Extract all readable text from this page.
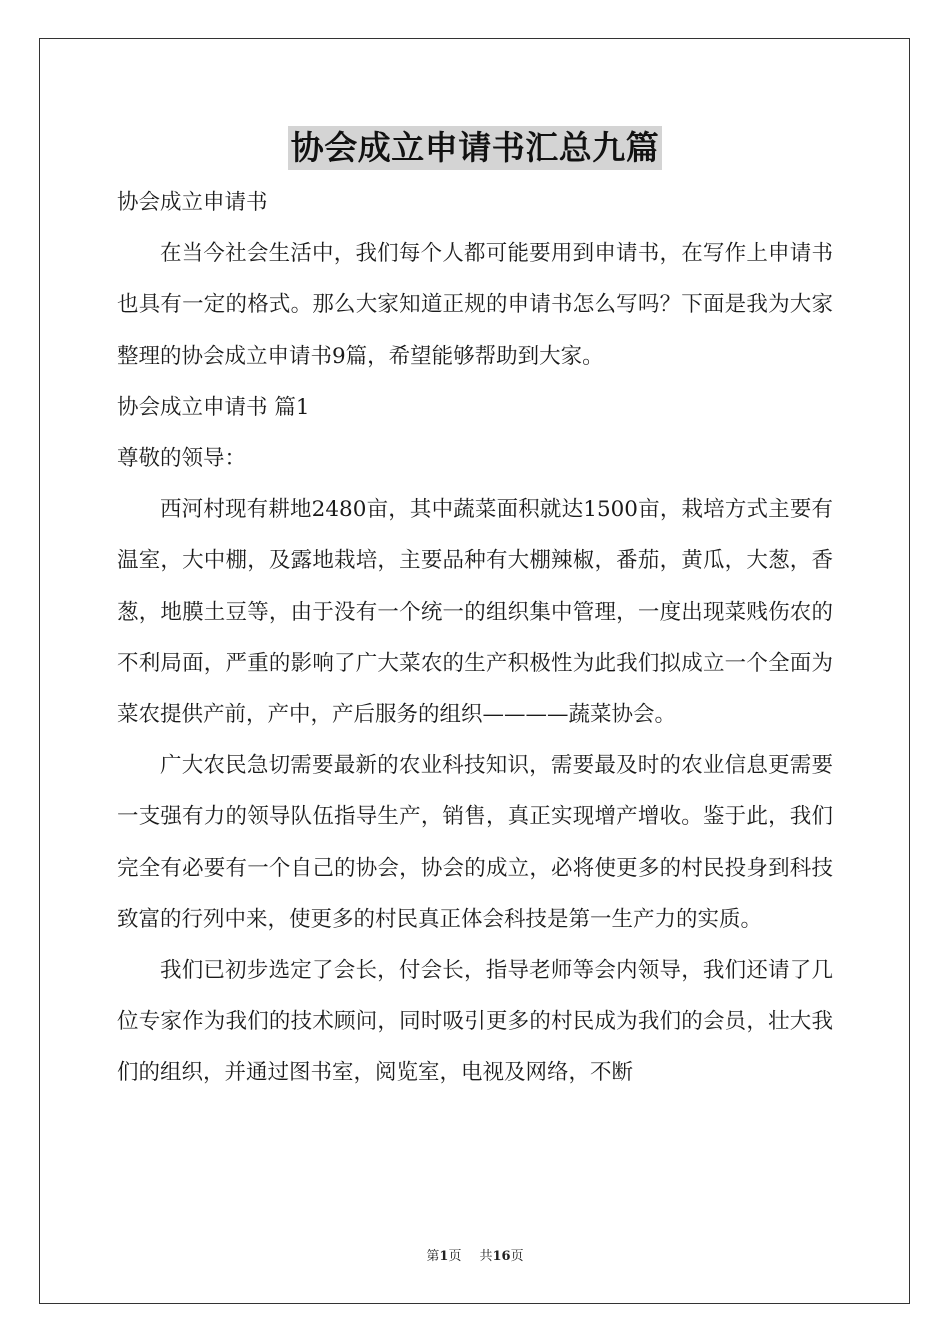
协会成立申请书汇总九篇

协会成立申请书

在当今社会生活中，我们每个人都可能要用到申请书，在写作上申请书也具有一定的格式。那么大家知道正规的申请书怎么写吗？下面是我为大家整理的协会成立申请书9篇，希望能够帮助到大家。

协会成立申请书 篇1

尊敬的领导：

西河村现有耕地2480亩，其中蔬菜面积就达1500亩，栽培方式主要有温室，大中棚，及露地栽培，主要品种有大棚辣椒，番茄，黄瓜，大葱，香葱，地膜土豆等，由于没有一个统一的组织集中管理，一度出现菜贱伤农的不利局面，严重的影响了广大菜农的生产积极性为此我们拟成立一个全面为菜农提供产前，产中，产后服务的组织————蔬菜协会。

广大农民急切需要最新的农业科技知识，需要最及时的农业信息更需要一支强有力的领导队伍指导生产，销售，真正实现增产增收。鉴于此，我们完全有必要有一个自己的协会，协会的成立，必将使更多的村民投身到科技致富的行列中来，使更多的村民真正体会科技是第一生产力的实质。

我们已初步选定了会长，付会长，指导老师等会内领导，我们还请了几位专家作为我们的技术顾问，同时吸引更多的村民成为我们的会员，壮大我们的组织，并通过图书室，阅览室，电视及网络，不断

第1页 共16页
